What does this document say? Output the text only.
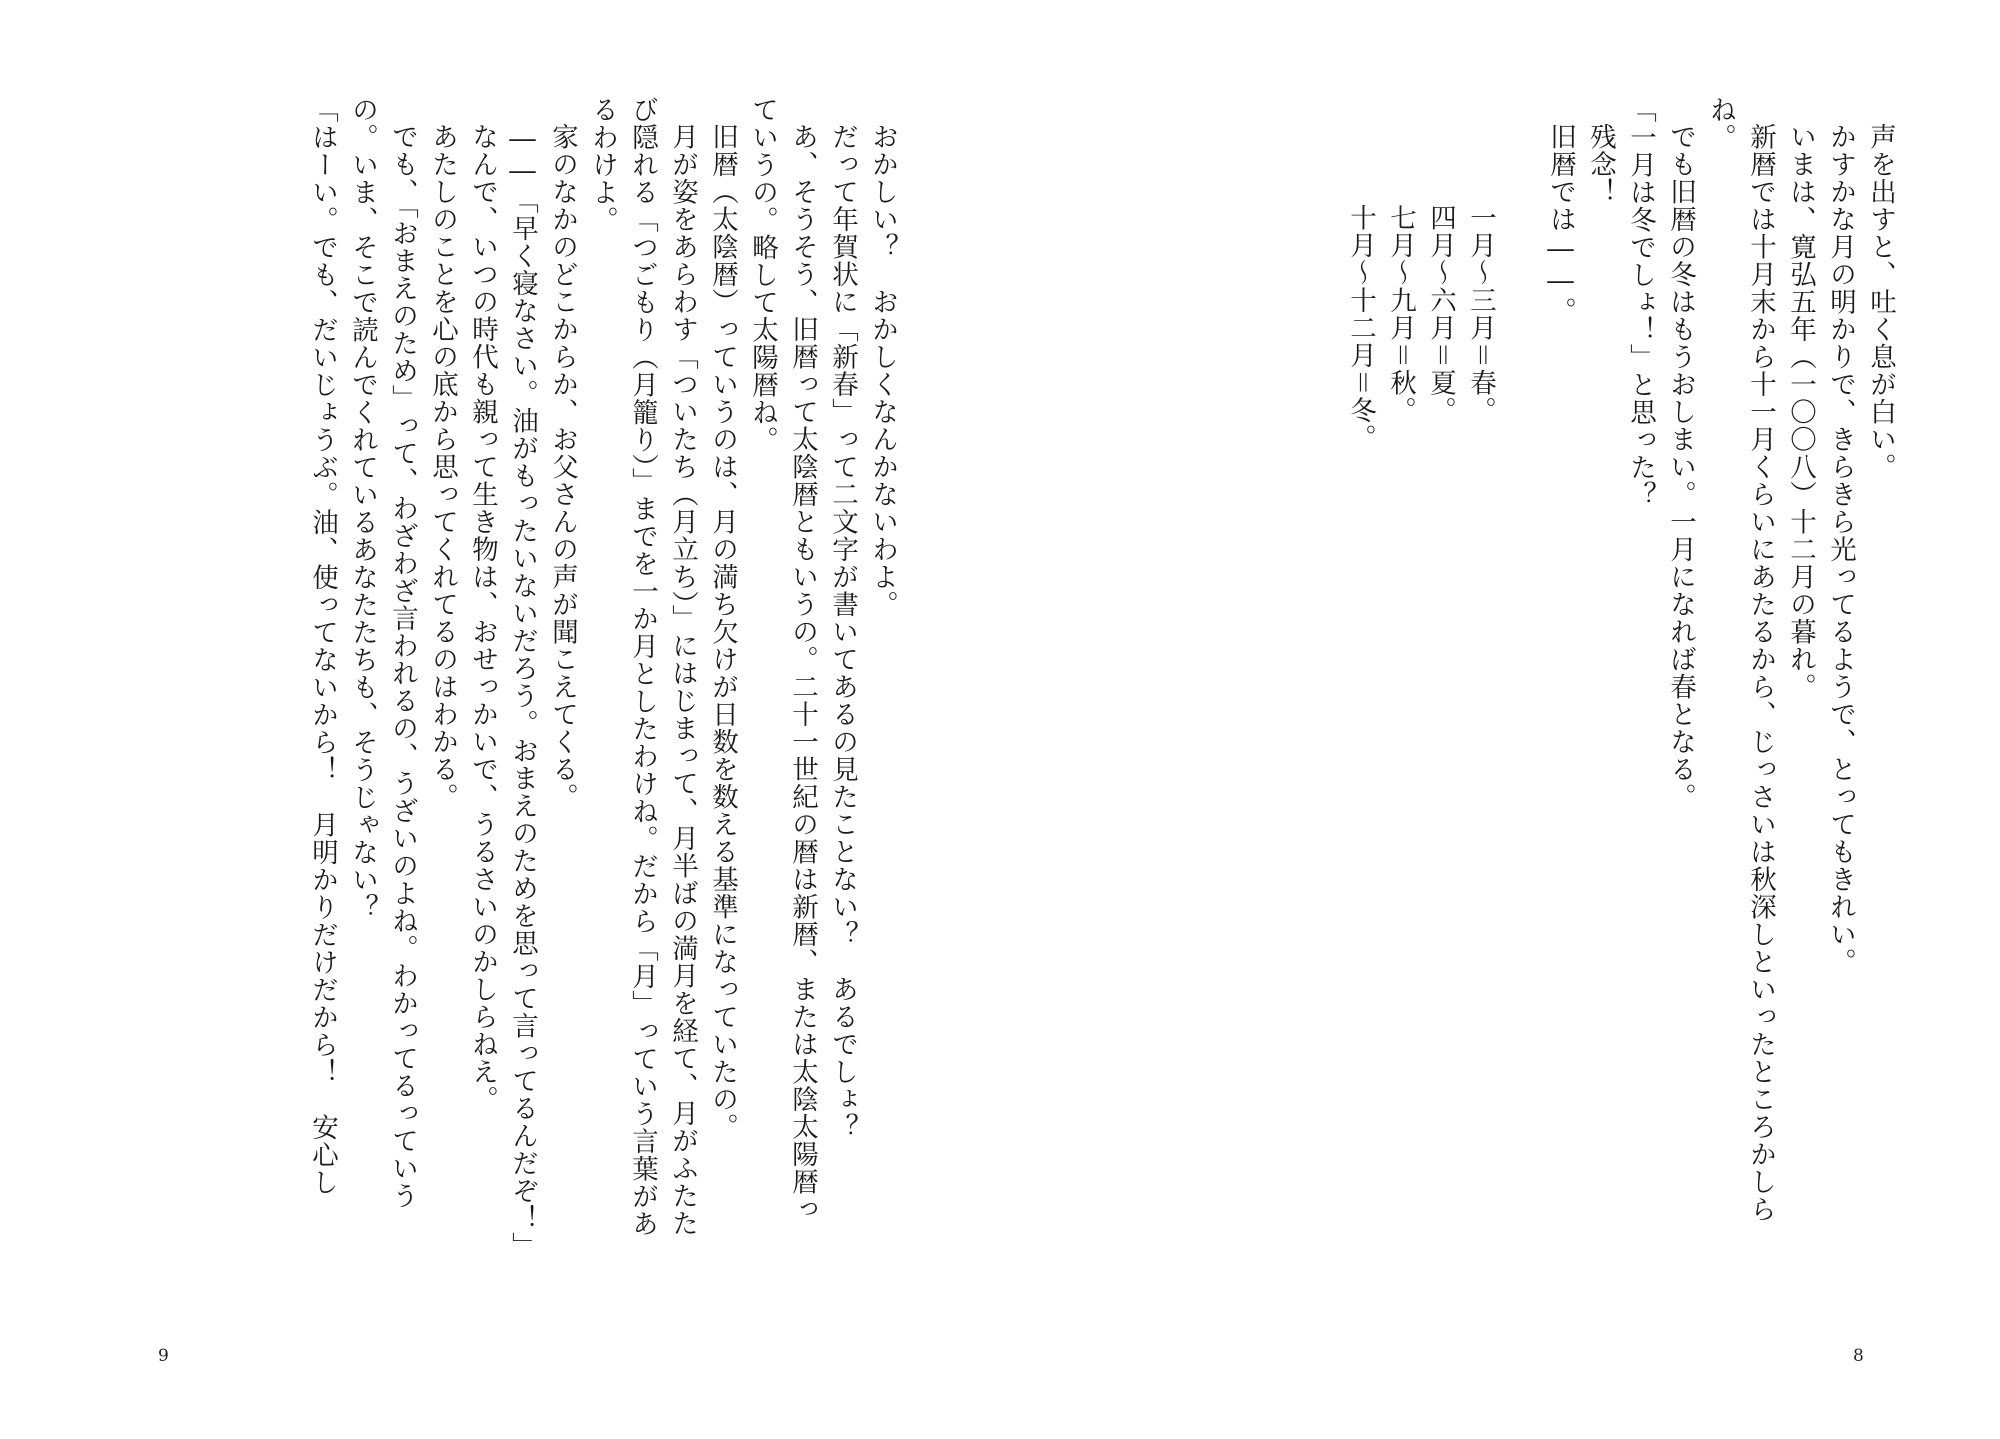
声を出すと、吐く息が白い。
かすかな月の明かりで、きらきら光ってるようで、とってもきれい。
いまは、寛弘五年（一〇〇八）十二月の暮れ。
新暦では十月末から十一月くらいにあたるから、じっさいは秋深しといったところかしら
ね。
でも旧暦の冬はもうおしまい。一月になれば春となる。
「一月は冬でしょ！」と思った？
残念！
旧暦では――。

一月〜三月＝春。
四月〜六月＝夏。
七月〜九月＝秋。
十月〜十二月＝冬。
8
おかしい？　おかしくなんかないわよ。
だって年賀状に「新春」って二文字が書いてあるの見たことない？　あるでしょ？
あ、そうそう、旧暦って太陰暦ともいうの。二十一世紀の暦は新暦、または太陰太陽暦っ
ていうの。略して太陽暦ね。
旧暦（太陰暦）っていうのは、月の満ち欠けが日数を数える基準になっていたの。
月が姿をあらわす「ついたち（月立ち）」にはじまって、月半ばの満月を経て、月がふたた
び隠れる「つごもり（月籠り）」までを一か月としたわけね。だから「月」っていう言葉があ
るわけよ。
家のなかのどこからか、お父さんの声が聞こえてくる。
――「早く寝なさい。油がもったいないだろう。おまえのためを思って言ってるんだぞ！」
なんで、いつの時代も親って生き物は、おせっかいで、うるさいのかしらねえ。
あたしのことを心の底から思ってくれてるのはわかる。
でも、「おまえのため」って、わざわざ言われるの、うざいのよね。わかってるっていう
の。いま、そこで読んでくれているあなたたちも、そうじゃない？
「はーい。でも、だいじょうぶ。油、使ってないから！　月明かりだけだから！　安心し
9
